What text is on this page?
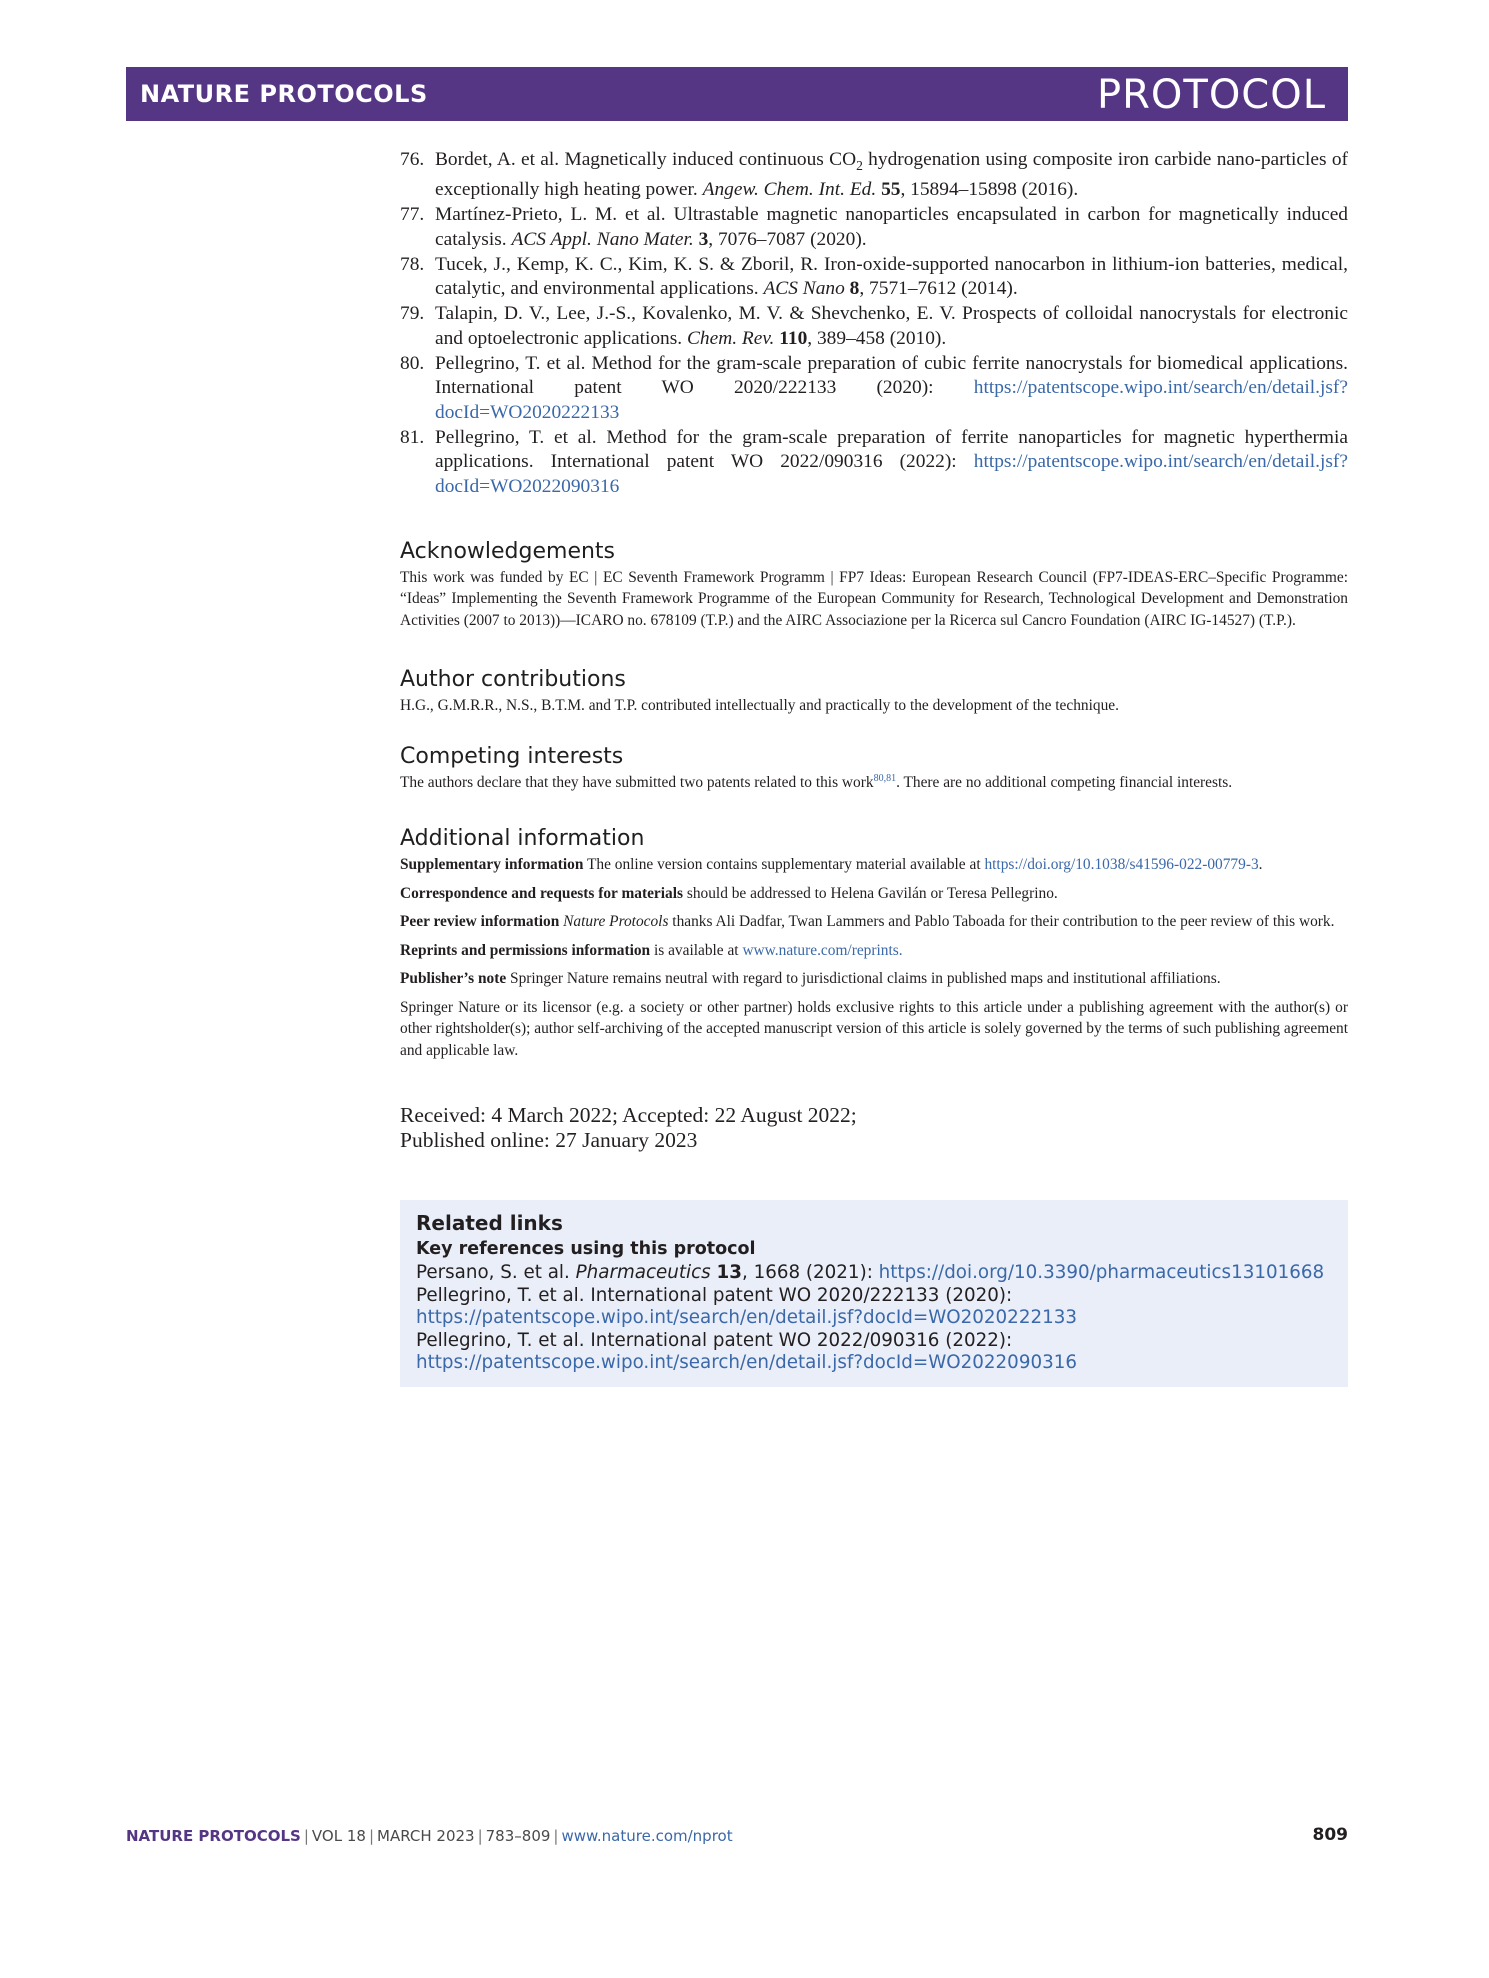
NATURE PROTOCOLS	PROTOCOL
76. Bordet, A. et al. Magnetically induced continuous $CO_2$ hydrogenation using composite iron carbide nano-particles of exceptionally high heating power. Angew. Chem. Int. Ed. 55, 15894–15898 (2016).
77. Martínez-Prieto, L. M. et al. Ultrastable magnetic nanoparticles encapsulated in carbon for magnetically induced catalysis. ACS Appl. Nano Mater. 3, 7076–7087 (2020).
78. Tucek, J., Kemp, K. C., Kim, K. S. & Zboril, R. Iron-oxide-supported nanocarbon in lithium-ion batteries, medical, catalytic, and environmental applications. ACS Nano 8, 7571–7612 (2014).
79. Talapin, D. V., Lee, J.-S., Kovalenko, M. V. & Shevchenko, E. V. Prospects of colloidal nanocrystals for electronic and optoelectronic applications. Chem. Rev. 110, 389–458 (2010).
80. Pellegrino, T. et al. Method for the gram-scale preparation of cubic ferrite nanocrystals for biomedical applications. International patent WO 2020/222133 (2020): https://patentscope.wipo.int/search/en/detail.jsf?docId=WO2020222133
81. Pellegrino, T. et al. Method for the gram-scale preparation of ferrite nanoparticles for magnetic hyperthermia applications. International patent WO 2022/090316 (2022): https://patentscope.wipo.int/search/en/detail.jsf?docId=WO2022090316
Acknowledgements

This work was funded by EC | EC Seventh Framework Programm | FP7 Ideas: European Research Council (FP7-IDEAS-ERC–Specific Programme: “Ideas” Implementing the Seventh Framework Programme of the European Community for Research, Technological Development and Demonstration Activities (2007 to 2013))—ICARO no. 678109 (T.P.) and the AIRC Associazione per la Ricerca sul Cancro Foundation (AIRC IG-14527) (T.P.).

Author contributions

H.G., G.M.R.R., N.S., B.T.M. and T.P. contributed intellectually and practically to the development of the technique.

Competing interests

The authors declare that they have submitted two patents related to this work$^{80,81}$. There are no additional competing financial interests.

Additional information

Supplementary information The online version contains supplementary material available at https://doi.org/10.1038/s41596-022-00779-3.

Correspondence and requests for materials should be addressed to Helena Gavilán or Teresa Pellegrino.

Peer review information Nature Protocols thanks Ali Dadfar, Twan Lammers and Pablo Taboada for their contribution to the peer review of this work.

Reprints and permissions information is available at www.nature.com/reprints.

Publisher’s note Springer Nature remains neutral with regard to jurisdictional claims in published maps and institutional affiliations.

Springer Nature or its licensor (e.g. a society or other partner) holds exclusive rights to this article under a publishing agreement with the author(s) or other rightsholder(s); author self-archiving of the accepted manuscript version of this article is solely governed by the terms of such publishing agreement and applicable law.

Received: 4 March 2022; Accepted: 22 August 2022;
Published online: 27 January 2023
Related links
Key references using this protocol
Persano, S. et al. Pharmaceutics 13, 1668 (2021): https://doi.org/10.3390/pharmaceutics13101668
Pellegrino, T. et al. International patent WO 2020/222133 (2020): https://patentscope.wipo.int/search/en/detail.jsf?docId=WO2020222133
Pellegrino, T. et al. International patent WO 2022/090316 (2022): https://patentscope.wipo.int/search/en/detail.jsf?docId=WO2022090316
NATURE PROTOCOLS | VOL 18 | MARCH 2023 | 783–809 | www.nature.com/nprot	809
